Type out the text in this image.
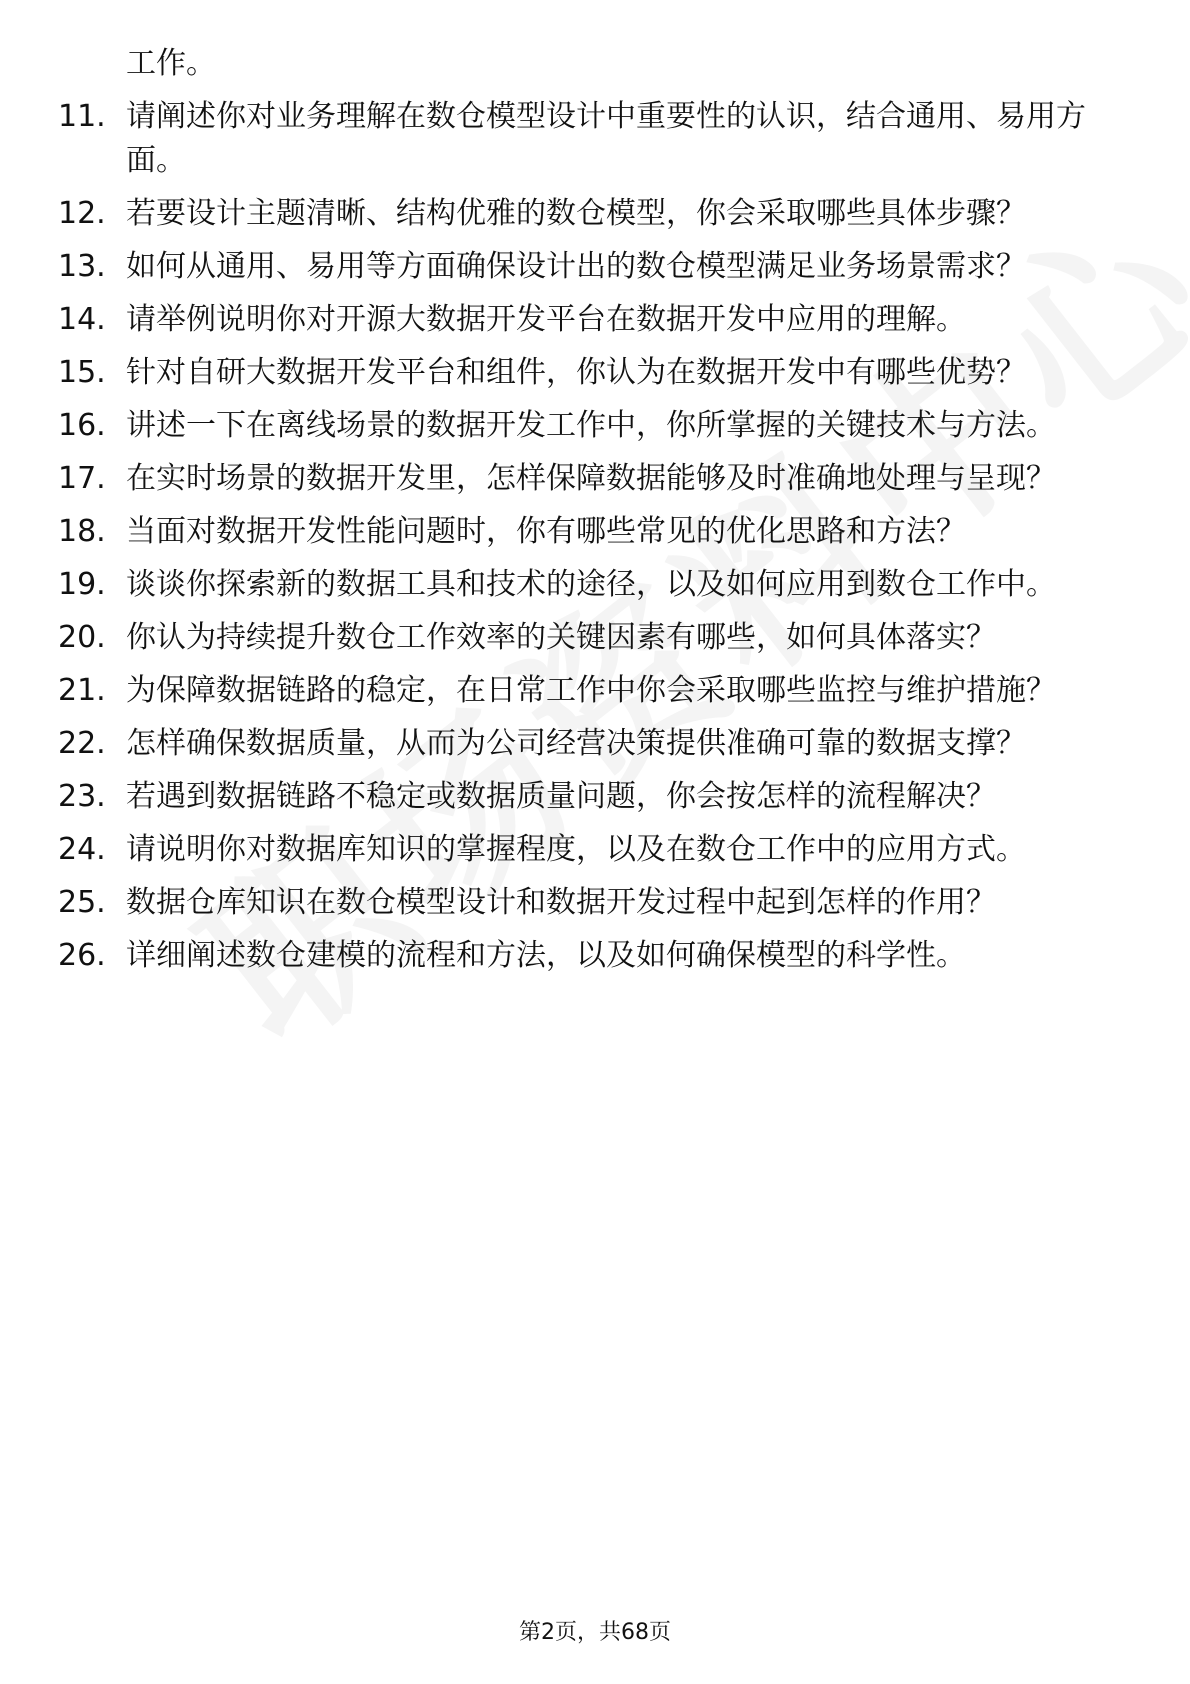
工作。
11. 请阐述你对业务理解在数仓模型设计中重要性的认识，结合通用、易用方面。
12. 若要设计主题清晰、结构优雅的数仓模型，你会采取哪些具体步骤？
13. 如何从通用、易用等方面确保设计出的数仓模型满足业务场景需求？
14. 请举例说明你对开源大数据开发平台在数据开发中应用的理解。
15. 针对自研大数据开发平台和组件，你认为在数据开发中有哪些优势？
16. 讲述一下在离线场景的数据开发工作中，你所掌握的关键技术与方法。
17. 在实时场景的数据开发里，怎样保障数据能够及时准确地处理与呈现？
18. 当面对数据开发性能问题时，你有哪些常见的优化思路和方法？
19. 谈谈你探索新的数据工具和技术的途径，以及如何应用到数仓工作中。
20. 你认为持续提升数仓工作效率的关键因素有哪些，如何具体落实？
21. 为保障数据链路的稳定，在日常工作中你会采取哪些监控与维护措施？
22. 怎样确保数据质量，从而为公司经营决策提供准确可靠的数据支撑？
23. 若遇到数据链路不稳定或数据质量问题，你会按怎样的流程解决？
24. 请说明你对数据库知识的掌握程度，以及在数仓工作中的应用方式。
25. 数据仓库知识在数仓模型设计和数据开发过程中起到怎样的作用？
26. 详细阐述数仓建模的流程和方法，以及如何确保模型的科学性。
第2页，共68页
